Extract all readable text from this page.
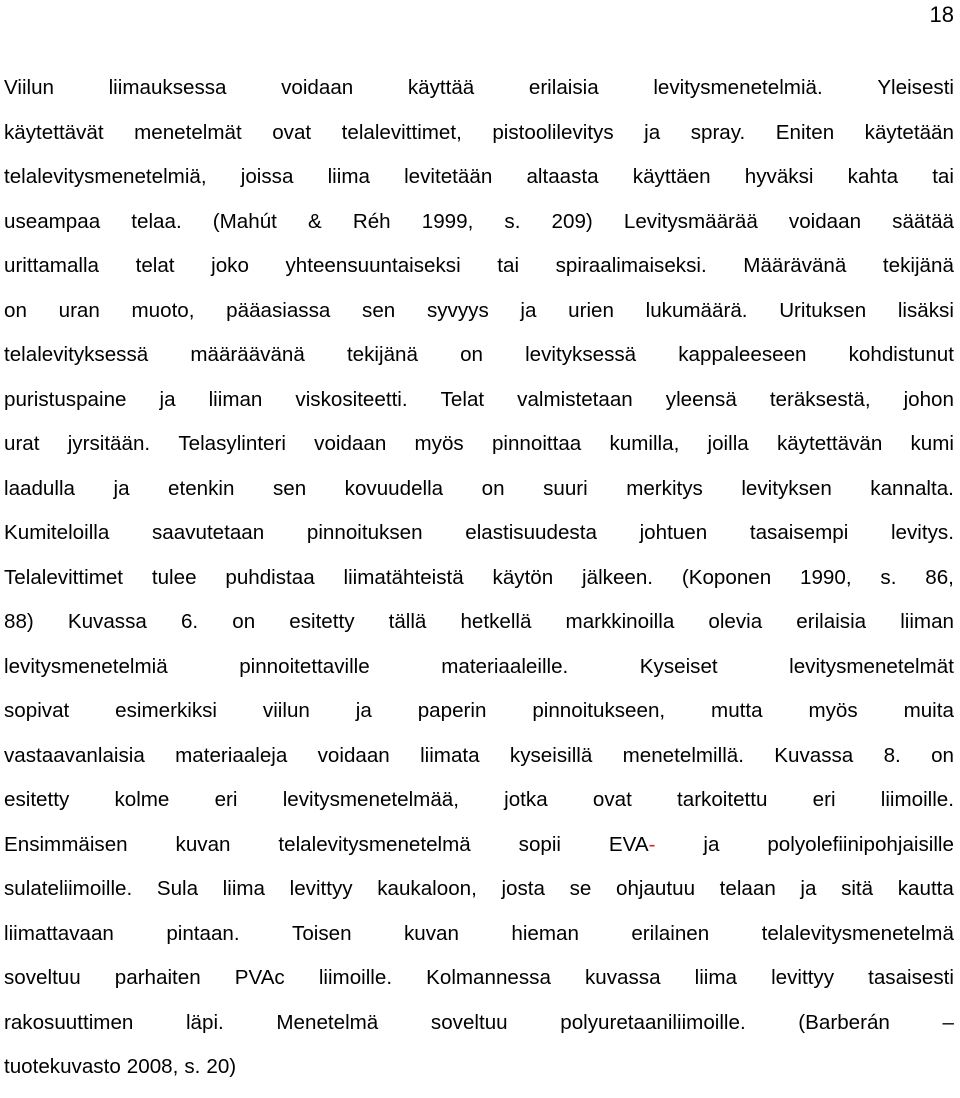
18
Viilun	liimauksessa	voidaan	käyttää	erilaisia	levitysmenetelmiä.	Yleisesti
käytettävät menetelmät ovat telalevittimet, pistoolilevitys ja spray. Eniten käytetään
telalevitysmenetelmiä, joissa liima levitetään altaasta käyttäen hyväksi kahta tai
useampaa telaa. (Mahút & Réh 1999, s. 209) Levitysmäärää voidaan säätää
urittamalla telat joko yhteensuuntaiseksi tai spiraalimaiseksi. Määrävänä tekijänä
on uran muoto, pääasiassa sen syvyys ja urien lukumäärä. Urituksen lisäksi
telalevityksessä määräävänä tekijänä on levityksessä kappaleeseen kohdistunut
puristuspaine ja liiman viskositeetti. Telat valmistetaan yleensä teräksestä, johon
urat jyrsitään. Telasylinteri voidaan myös pinnoittaa kumilla, joilla käytettävän kumi
laadulla ja etenkin sen kovuudella on suuri merkitys levityksen kannalta.
Kumiteloilla saavutetaan pinnoituksen elastisuudesta johtuen tasaisempi levitys.
Telalevittimet tulee puhdistaa liimatähteistä käytön jälkeen. (Koponen 1990, s. 86,
88) Kuvassa 6. on esitetty tällä hetkellä markkinoilla olevia erilaisia liiman
levitysmenetelmiä	pinnoitettaville	materiaaleille.	Kyseiset	levitysmenetelmät
sopivat esimerkiksi viilun ja paperin pinnoitukseen, mutta myös muita
vastaavanlaisia materiaaleja voidaan liimata kyseisillä menetelmillä. Kuvassa 8. on
esitetty kolme eri levitysmenetelmää, jotka ovat tarkoitettu eri liimoille.
Ensimmäisen kuvan telalevitysmenetelmä sopii EVA- ja polyolefiinipohjaisille
sulateliimoille. Sula liima levittyy kaukaloon, josta se ohjautuu telaan ja sitä kautta
liimattavaan	pintaan.	Toisen	kuvan	hieman	erilainen	telalevitysmenetelmä
soveltuu parhaiten PVAc liimoille. Kolmannessa kuvassa liima levittyy tasaisesti
rakosuuttimen	läpi.	Menetelmä	soveltuu	polyuretaaniliimoille.	(Barberán	–
tuotekuvasto 2008, s. 20)
